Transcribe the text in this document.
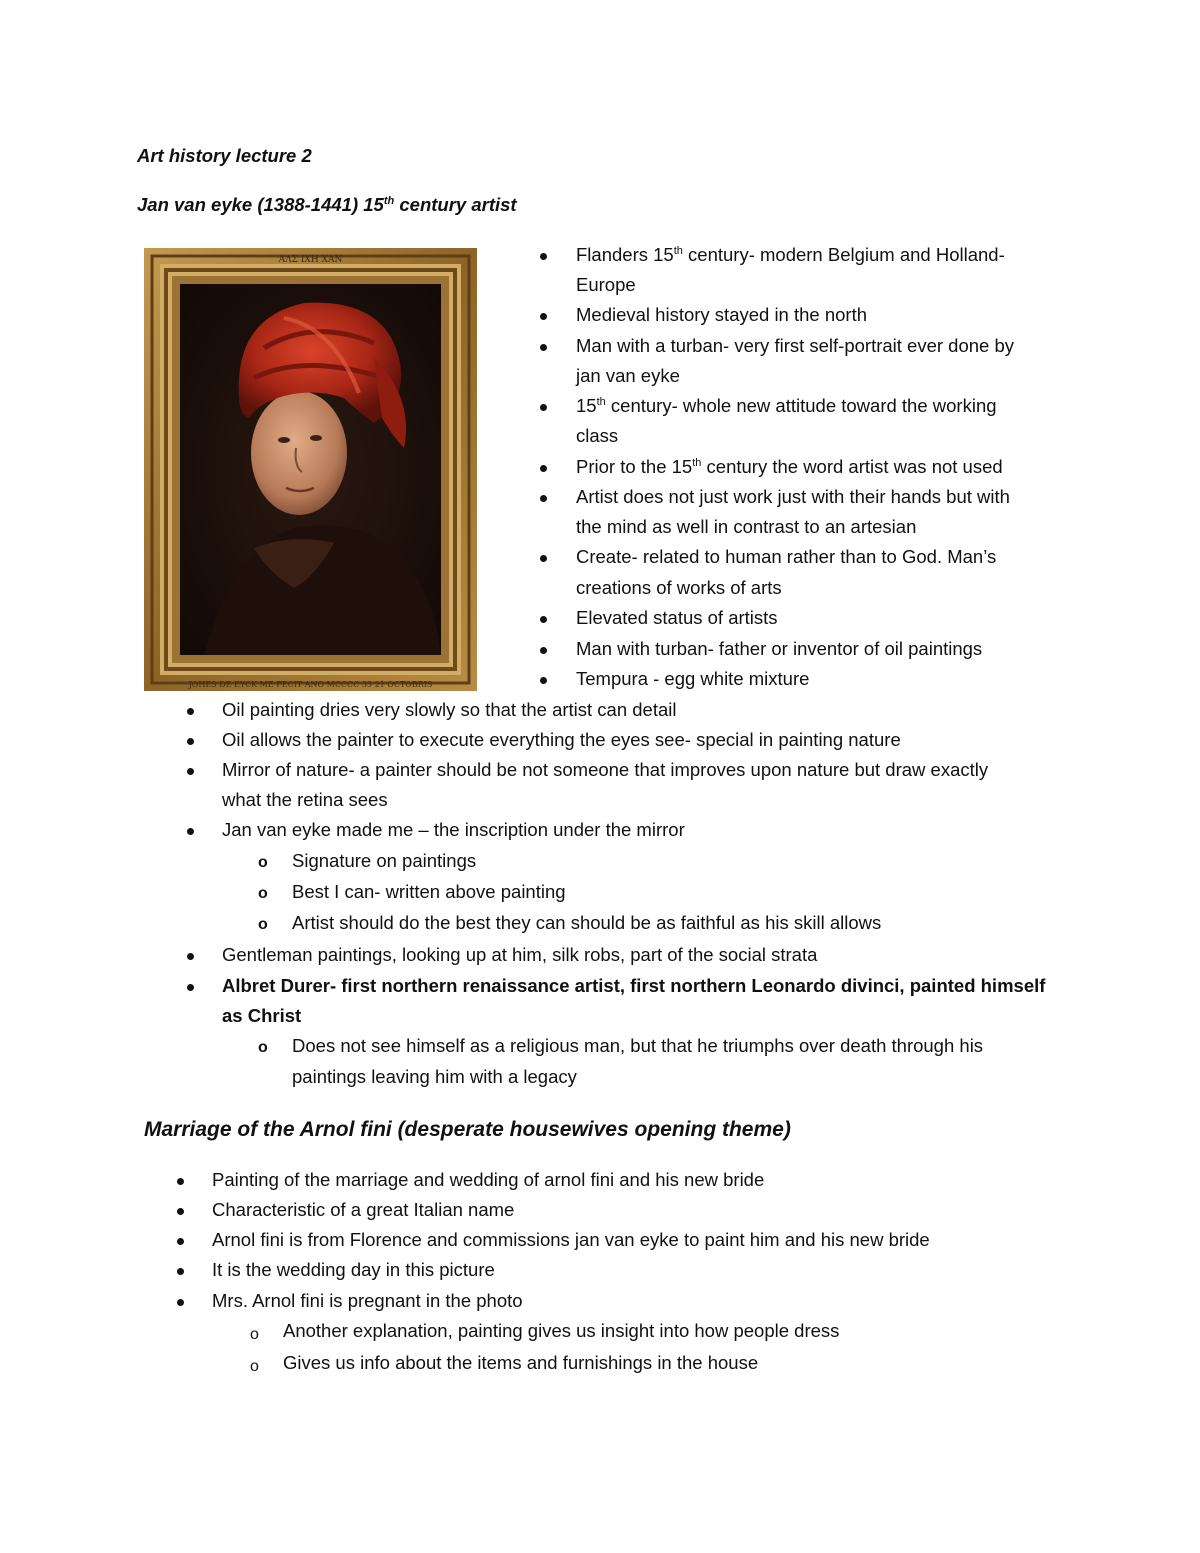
Art history lecture 2
Jan van eyke (1388-1441) 15th century artist
ΑΛΣ ΙΧΗ ΧΑΝ
JOHES DE EYCK ME FECIT ANO MCCCC 33 21 OCTOBRIS
Flanders 15th century- modern Belgium and Holland-
Europe
Medieval history stayed in the north
Man with a turban- very first self-portrait ever done by
jan van eyke
15th century- whole new attitude toward the working
class
Prior to the 15th century the word artist was not used
Artist does not just work just with their hands but with
the mind as well in contrast to an artesian
Create- related to human rather than to God. Man’s
creations of works of arts
Elevated status of artists
Man with turban- father or inventor of oil paintings
Tempura - egg white mixture
Oil painting dries very slowly so that the artist can detail
Oil allows the painter to execute everything the eyes see- special in painting nature
Mirror of nature- a painter should be not someone that improves upon nature but draw exactly
what the retina sees
Jan van eyke made me – the inscription under the mirror
o Signature on paintings
o Best I can- written above painting
o Artist should do the best they can should be as faithful as his skill allows
Gentleman paintings, looking up at him, silk robs, part of the social strata
Albret Durer- first northern renaissance artist, first northern Leonardo divinci, painted himself
as Christ
o Does not see himself as a religious man, but that he triumphs over death through his
paintings leaving him with a legacy
Marriage of the Arnol fini (desperate housewives opening theme)
Painting of the marriage and wedding of arnol fini and his new bride
Characteristic of a great Italian name
Arnol fini is from Florence and commissions jan van eyke to paint him and his new bride
It is the wedding day in this picture
Mrs. Arnol fini is pregnant in the photo
o Another explanation, painting gives us insight into how people dress
o Gives us info about the items and furnishings in the house
